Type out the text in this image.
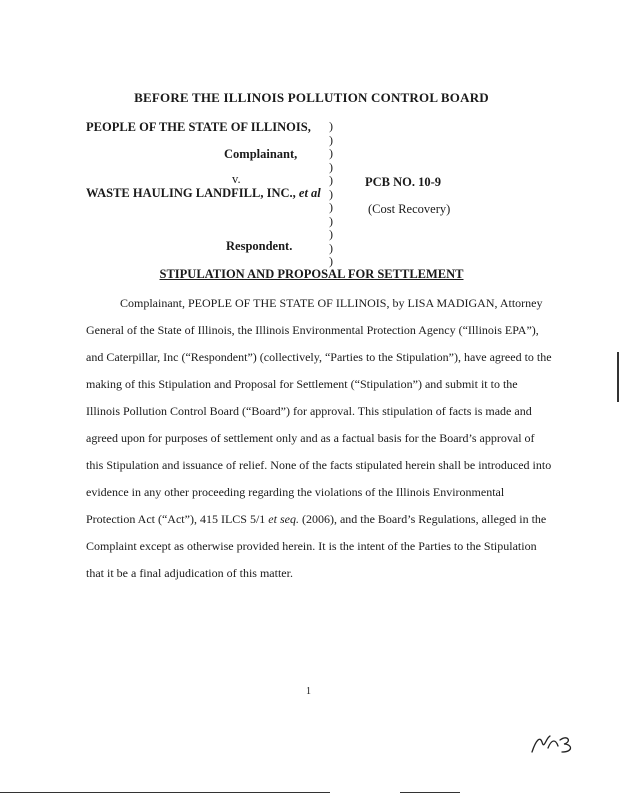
BEFORE THE ILLINOIS POLLUTION CONTROL BOARD
PEOPLE OF THE STATE OF ILLINOIS,
Complainant,
v.
WASTE HAULING LANDFILL, INC., et al
Respondent.
)
)
)
)
)
)
)
)
)
)
)
PCB NO. 10-9
(Cost Recovery)
STIPULATION AND PROPOSAL FOR SETTLEMENT
Complainant, PEOPLE OF THE STATE OF ILLINOIS, by LISA MADIGAN, Attorney
General of the State of Illinois, the Illinois Environmental Protection Agency (“Illinois EPA”),
and Caterpillar, Inc (“Respondent”) (collectively, “Parties to the Stipulation”), have agreed to the
making of this Stipulation and Proposal for Settlement (“Stipulation”) and submit it to the
Illinois Pollution Control Board (“Board”) for approval. This stipulation of facts is made and
agreed upon for purposes of settlement only and as a factual basis for the Board’s approval of
this Stipulation and issuance of relief. None of the facts stipulated herein shall be introduced into
evidence in any other proceeding regarding the violations of the Illinois Environmental
Protection Act (“Act”), 415 ILCS 5/1 et seq. (2006), and the Board’s Regulations, alleged in the
Complaint except as otherwise provided herein. It is the intent of the Parties to the Stipulation
that it be a final adjudication of this matter.
1
